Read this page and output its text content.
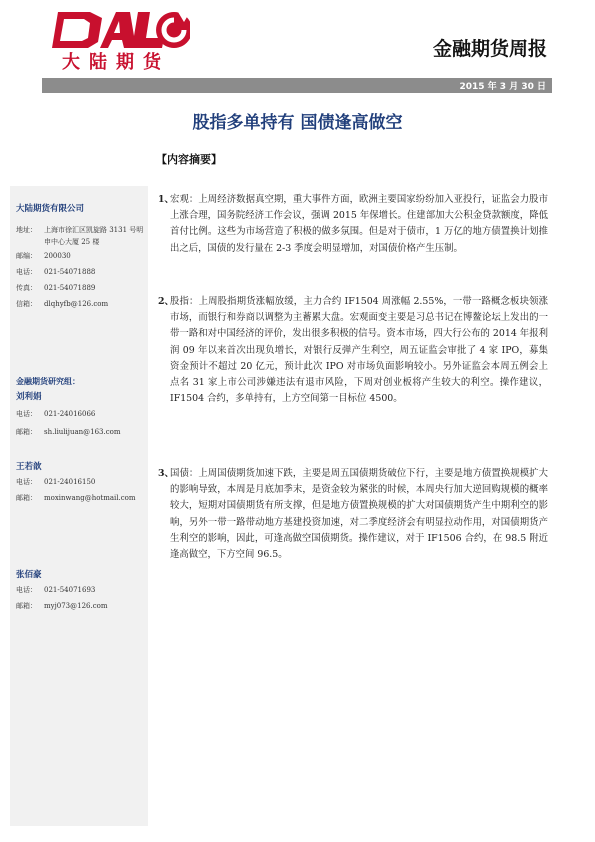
大陆期货
金融期货周报
2015 年 3 月 30 日
股指多单持有 国债逢高做空
大陆期货有限公司
地址： 上海市徐汇区凯旋路 3131 号明申中心大厦 25 楼
邮编： 200030
电话： 021-54071888
传真： 021-54071889
信箱： dlqhyfb@126.com
金融期货研究组：
刘利娟
电话： 021-24016066
邮箱： sh.liulijuan@163.com
王若歆
电话： 021-24016150
邮箱： moxinwang@hotmail.com
张佰豪
电话： 021-54071693
邮箱： myj073@126.com
【内容摘要】
1、
宏观：上周经济数据真空期，重大事件方面，欧洲主要国家纷纷加入亚投行，证监会力股市上涨合理，国务院经济工作会议，强调 2015 年保增长。住建部加大公积金贷款额度，降低首付比例。这些为市场营造了积极的做多氛围。但是对于债市，1 万亿的地方债置换计划推出之后，国债的发行量在 2-3 季度会明显增加，对国债价格产生压制。
2、
股指：上周股指期货涨幅放缓，主力合约 IF1504 周涨幅 2.55%，一带一路概念板块领涨市场，而银行和券商以调整为主蓄累大盘。宏观面变主要是习总书记在博鳌论坛上发出的一带一路和对中国经济的评价，发出很多积极的信号。资本市场，四大行公布的 2014 年报利润 09 年以来首次出现负增长，对银行反弹产生利空，周五证监会审批了 4 家 IPO，募集资金预计不超过 20 亿元，预计此次 IPO 对市场负面影响较小。另外证监会本周五例会上点名 31 家上市公司涉嫌违法有退市风险，下周对创业板将产生较大的利空。操作建议，IF1504 合约，多单持有，上方空间第一目标位 4500。
3、
国债：上周国债期货加速下跌，主要是周五国债期货破位下行，主要是地方债置换规模扩大的影响导致，本周是月底加季末，是资金较为紧张的时候，本周央行加大逆回购规模的概率较大，短期对国债期货有所支撑，但是地方债置换规模的扩大对国债期货产生中期利空的影响，另外一带一路带动地方基建投资加速，对二季度经济会有明显拉动作用，对国债期货产生利空的影响，因此，可逢高做空国债期货。操作建议，对于 IF1506 合约，在 98.5 附近逢高做空，下方空间 96.5。
